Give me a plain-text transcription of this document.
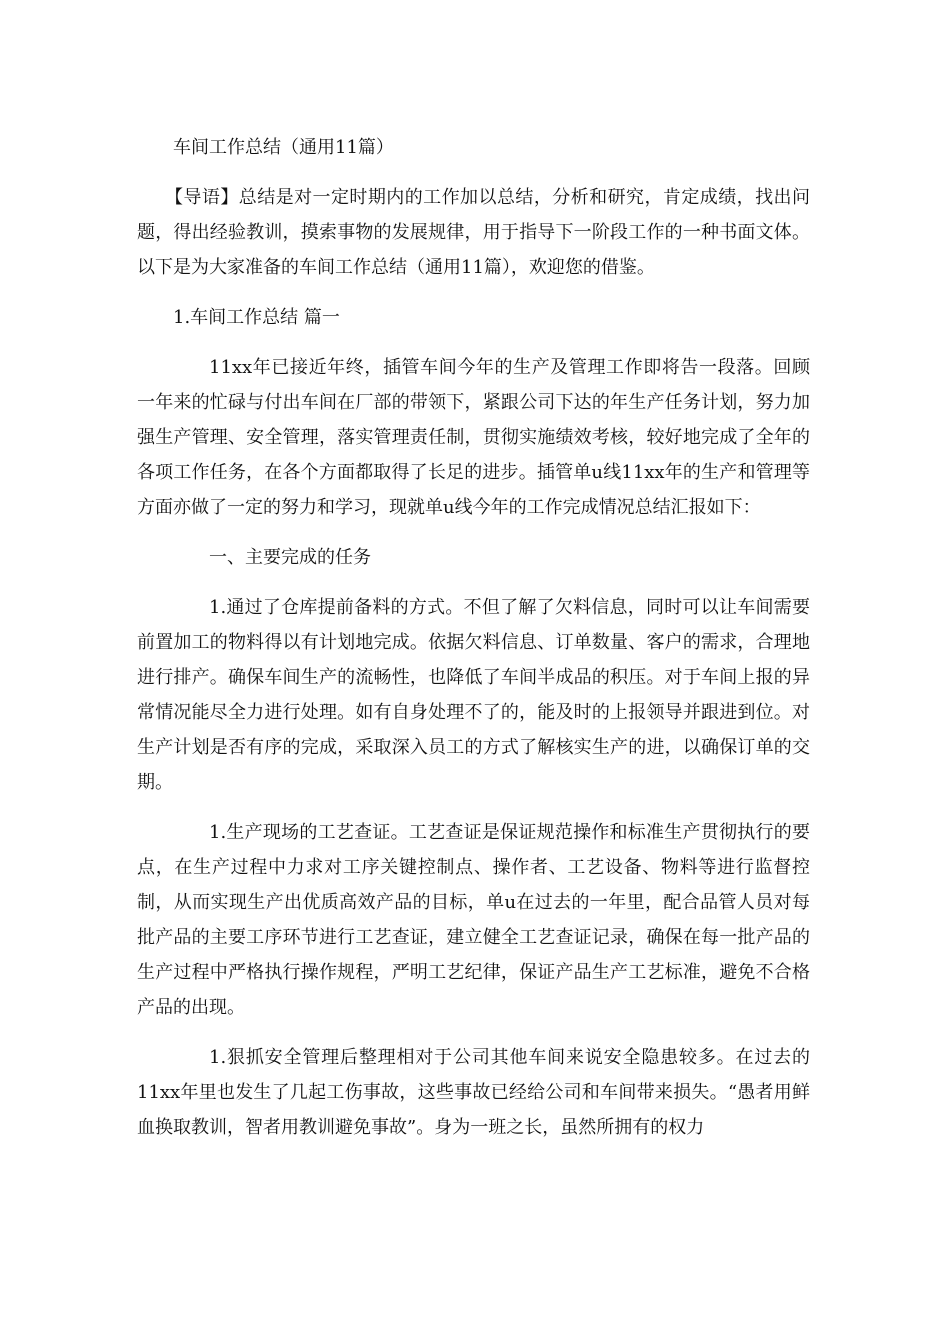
车间工作总结（通用11篇）

【导语】总结是对一定时期内的工作加以总结，分析和研究，肯定成绩，找出问题，得出经验教训，摸索事物的发展规律，用于指导下一阶段工作的一种书面文体。以下是为大家准备的车间工作总结（通用11篇），欢迎您的借鉴。

1.车间工作总结 篇一

11xx年已接近年终，插管车间今年的生产及管理工作即将告一段落。回顾一年来的忙碌与付出车间在厂部的带领下，紧跟公司下达的年生产任务计划，努力加强生产管理、安全管理，落实管理责任制，贯彻实施绩效考核，较好地完成了全年的各项工作任务，在各个方面都取得了长足的进步。插管单u线11xx年的生产和管理等方面亦做了一定的努力和学习，现就单u线今年的工作完成情况总结汇报如下：

一、主要完成的任务

1.通过了仓库提前备料的方式。不但了解了欠料信息，同时可以让车间需要前置加工的物料得以有计划地完成。依据欠料信息、订单数量、客户的需求，合理地进行排产。确保车间生产的流畅性，也降低了车间半成品的积压。对于车间上报的异常情况能尽全力进行处理。如有自身处理不了的，能及时的上报领导并跟进到位。对生产计划是否有序的完成，采取深入员工的方式了解核实生产的进，以确保订单的交期。

1.生产现场的工艺查证。工艺查证是保证规范操作和标准生产贯彻执行的要点，在生产过程中力求对工序关键控制点、操作者、工艺设备、物料等进行监督控制，从而实现生产出优质高效产品的目标，单u在过去的一年里，配合品管人员对每批产品的主要工序环节进行工艺查证，建立健全工艺查证记录，确保在每一批产品的生产过程中严格执行操作规程，严明工艺纪律，保证产品生产工艺标准，避免不合格产品的出现。

1.狠抓安全管理后整理相对于公司其他车间来说安全隐患较多。在过去的11xx年里也发生了几起工伤事故，这些事故已经给公司和车间带来损失。“愚者用鲜血换取教训，智者用教训避免事故”。身为一班之长，虽然所拥有的权力
